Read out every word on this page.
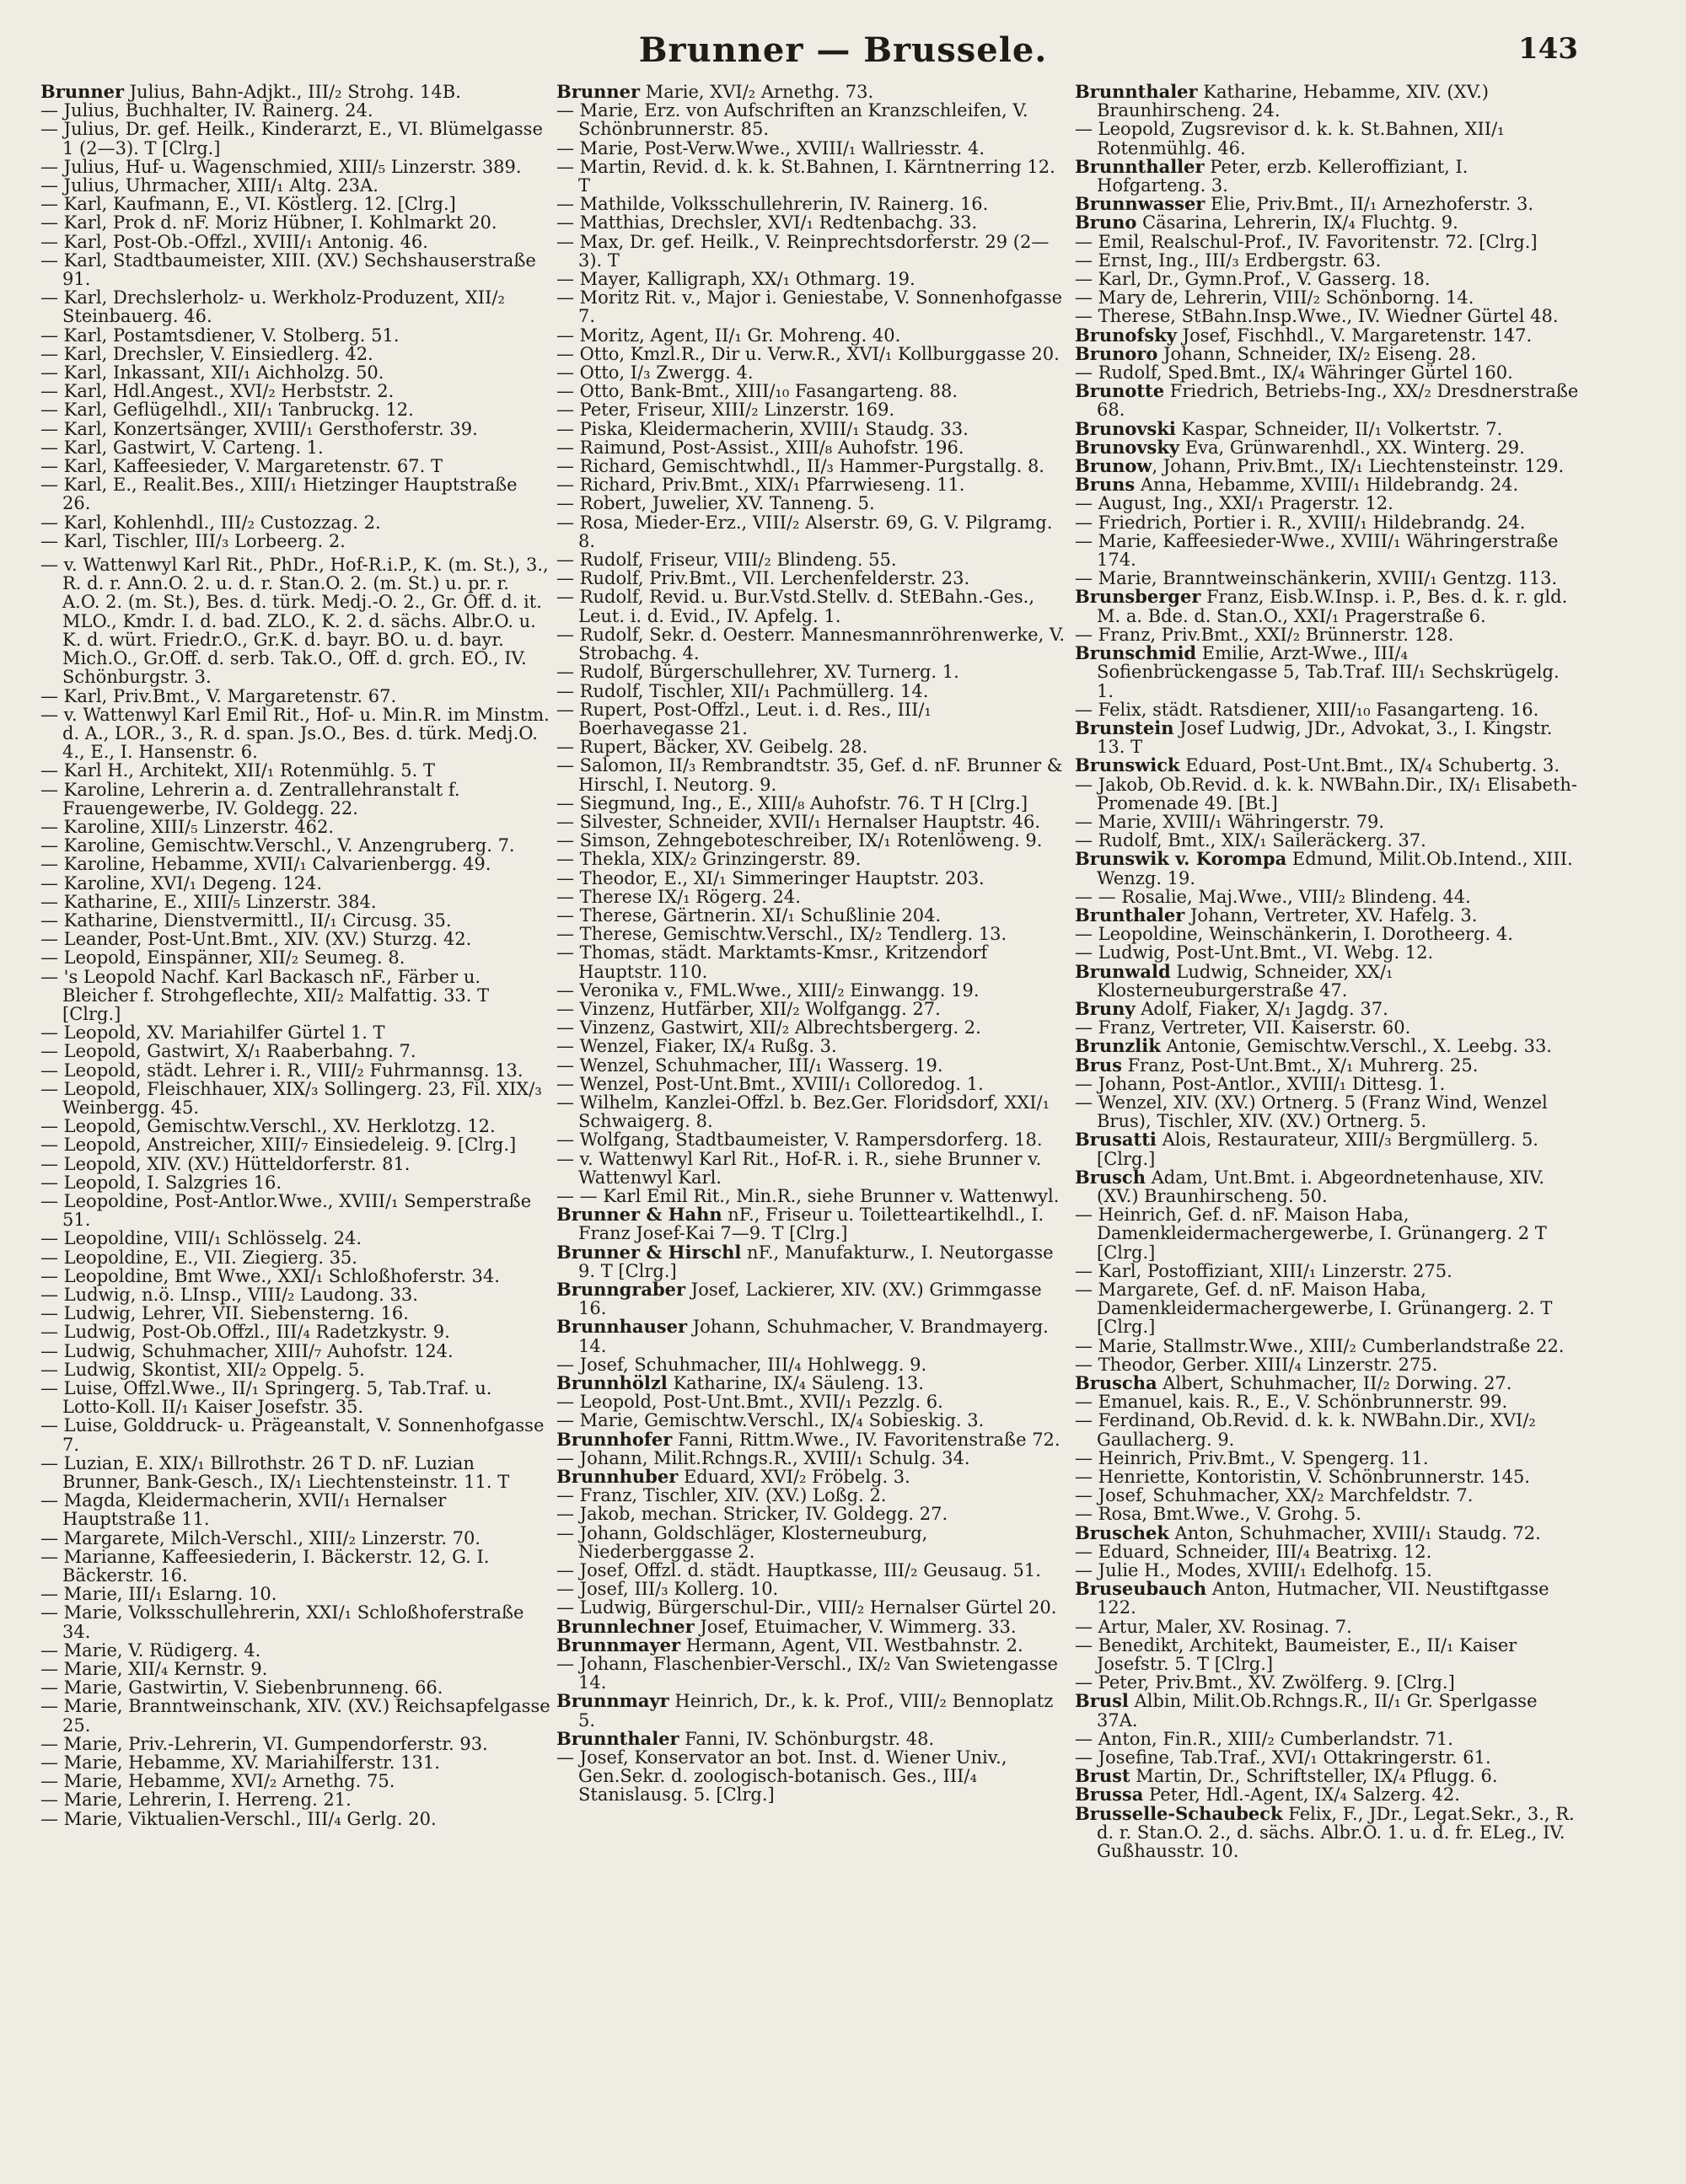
Brunner — Brussele.	143
Brunner Julius, Bahn-Adjkt., III/₂ Strohg. 14B.
— Julius, Buchhalter, IV. Rainerg. 24.
— Julius, Dr. gef. Heilk., Kinderarzt, E., VI. Blümelgasse 1 (2—3). T [Clrg.]
— Julius, Huf- u. Wagenschmied, XIII/₅ Linzerstr. 389.
— Julius, Uhrmacher, XIII/₁ Altg. 23A.
— Karl, Kaufmann, E., VI. Köstlerg. 12. [Clrg.]
— Karl, Prok d. nF. Moriz Hübner, I. Kohlmarkt 20.
— Karl, Post-Ob.-Offzl., XVIII/₁ Antonig. 46.
— Karl, Stadtbaumeister, XIII. (XV.) Sechshauserstraße 91.
— Karl, Drechslerholz- u. Werkholz-Produzent, XII/₂ Steinbauerg. 46.
— Karl, Postamtsdiener, V. Stolberg. 51.
— Karl, Drechsler, V. Einsiedlerg. 42.
— Karl, Inkassant, XII/₁ Aichholzg. 50.
— Karl, Hdl.Angest., XVI/₂ Herbststr. 2.
— Karl, Geflügelhdl., XII/₁ Tanbruckg. 12.
— Karl, Konzertsänger, XVIII/₁ Gersthoferstr. 39.
— Karl, Gastwirt, V. Carteng. 1.
— Karl, Kaffeesieder, V. Margaretenstr. 67. T
— Karl, E., Realit.Bes., XIII/₁ Hietzinger Hauptstraße 26.
— Karl, Kohlenhdl., III/₂ Custozzag. 2.
— Karl, Tischler, III/₃ Lorbeerg. 2.
— v. Wattenwyl Karl Rit., PhDr., Hof-R.i.P., K. (m. St.), 3., R. d. r. Ann.O. 2. u. d. r. Stan.O. 2. (m. St.) u. pr. r. A.O. 2. (m. St.), Bes. d. türk. Medj.-O. 2., Gr. Off. d. it. MLO., Kmdr. I. d. bad. ZLO., K. 2. d. sächs. Albr.O. u. K. d. würt. Friedr.O., Gr.K. d. bayr. BO. u. d. bayr. Mich.O., Gr.Off. d. serb. Tak.O., Off. d. grch. EO., IV. Schönburgstr. 3.
— Karl, Priv.Bmt., V. Margaretenstr. 67.
— v. Wattenwyl Karl Emil Rit., Hof- u. Min.R. im Minstm. d. A., LOR., 3., R. d. span. Js.O., Bes. d. türk. Medj.O. 4., E., I. Hansenstr. 6.
— Karl H., Architekt, XII/₁ Rotenmühlg. 5. T
— Karoline, Lehrerin a. d. Zentrallehranstalt f. Frauengewerbe, IV. Goldegg. 22.
— Karoline, XIII/₅ Linzerstr. 462.
— Karoline, Gemischtw.Verschl., V. Anzengruberg. 7.
— Karoline, Hebamme, XVII/₁ Calvarienbergg. 49.
— Karoline, XVI/₁ Degeng. 124.
— Katharine, E., XIII/₅ Linzerstr. 384.
— Katharine, Dienstvermittl., II/₁ Circusg. 35.
— Leander, Post-Unt.Bmt., XIV. (XV.) Sturzg. 42.
— Leopold, Einspänner, XII/₂ Seumeg. 8.
— 's Leopold Nachf. Karl Backasch nF., Färber u. Bleicher f. Strohgeflechte, XII/₂ Malfattig. 33. T [Clrg.]
— Leopold, XV. Mariahilfer Gürtel 1. T
— Leopold, Gastwirt, X/₁ Raaberbahng. 7.
— Leopold, städt. Lehrer i. R., VIII/₂ Fuhrmannsg. 13.
— Leopold, Fleischhauer, XIX/₃ Sollingerg. 23, Fil. XIX/₃ Weinbergg. 45.
— Leopold, Gemischtw.Verschl., XV. Herklotzg. 12.
— Leopold, Anstreicher, XIII/₇ Einsiedeleig. 9. [Clrg.]
— Leopold, XIV. (XV.) Hütteldorferstr. 81.
— Leopold, I. Salzgries 16.
— Leopoldine, Post-Antlor.Wwe., XVIII/₁ Semperstraße 51.
— Leopoldine, VIII/₁ Schlösselg. 24.
— Leopoldine, E., VII. Ziegierg. 35.
— Leopoldine, Bmt Wwe., XXI/₁ Schloßhoferstr. 34.
— Ludwig, n.ö. LInsp., VIII/₂ Laudong. 33.
— Ludwig, Lehrer, VII. Siebensterng. 16.
— Ludwig, Post-Ob.Offzl., III/₄ Radetzkystr. 9.
— Ludwig, Schuhmacher, XIII/₇ Auhofstr. 124.
— Ludwig, Skontist, XII/₂ Oppelg. 5.
— Luise, Offzl.Wwe., II/₁ Springerg. 5, Tab.Traf. u. Lotto-Koll. II/₁ Kaiser Josefstr. 35.
— Luise, Golddruck- u. Prägeanstalt, V. Sonnenhofgasse 7.
— Luzian, E. XIX/₁ Billrothstr. 26 T D. nF. Luzian Brunner, Bank-Gesch., IX/₁ Liechtensteinstr. 11. T
— Magda, Kleidermacherin, XVII/₁ Hernalser Hauptstraße 11.
— Margarete, Milch-Verschl., XIII/₂ Linzerstr. 70.
— Marianne, Kaffeesiederin, I. Bäckerstr. 12, G. I. Bäckerstr. 16.
— Marie, III/₁ Eslarng. 10.
— Marie, Volksschullehrerin, XXI/₁ Schloßhoferstraße 34.
— Marie, V. Rüdigerg. 4.
— Marie, XII/₄ Kernstr. 9.
— Marie, Gastwirtin, V. Siebenbrunneng. 66.
— Marie, Branntweinschank, XIV. (XV.) Reichsapfelgasse 25.
— Marie, Priv.-Lehrerin, VI. Gumpendorferstr. 93.
— Marie, Hebamme, XV. Mariahilferstr. 131.
— Marie, Hebamme, XVI/₂ Arnethg. 75.
— Marie, Lehrerin, I. Herreng. 21.
— Marie, Viktualien-Verschl., III/₄ Gerlg. 20.
Brunner Marie, XVI/₂ Arnethg. 73.
— Marie, Erz. von Aufschriften an Kranzschleifen, V. Schönbrunnerstr. 85.
— Marie, Post-Verw.Wwe., XVIII/₁ Wallriesstr. 4.
— Martin, Revid. d. k. k. St.Bahnen, I. Kärntnerring 12. T
— Mathilde, Volksschullehrerin, IV. Rainerg. 16.
— Matthias, Drechsler, XVI/₁ Redtenbachg. 33.
— Max, Dr. gef. Heilk., V. Reinprechtsdorferstr. 29 (2—3). T
— Mayer, Kalligraph, XX/₁ Othmarg. 19.
— Moritz Rit. v., Major i. Geniestabe, V. Sonnenhofgasse 7.
— Moritz, Agent, II/₁ Gr. Mohreng. 40.
— Otto, Kmzl.R., Dir u. Verw.R., XVI/₁ Kollburggasse 20.
— Otto, I/₃ Zwergg. 4.
— Otto, Bank-Bmt., XIII/₁₀ Fasangarteng. 88.
— Peter, Friseur, XIII/₂ Linzerstr. 169.
— Piska, Kleidermacherin, XVIII/₁ Staudg. 33.
— Raimund, Post-Assist., XIII/₈ Auhofstr. 196.
— Richard, Gemischtwhdl., II/₃ Hammer-Purgstallg. 8.
— Richard, Priv.Bmt., XIX/₁ Pfarrwieseng. 11.
— Robert, Juwelier, XV. Tanneng. 5.
— Rosa, Mieder-Erz., VIII/₂ Alserstr. 69, G. V. Pilgramg. 8.
— Rudolf, Friseur, VIII/₂ Blindeng. 55.
— Rudolf, Priv.Bmt., VII. Lerchenfelderstr. 23.
— Rudolf, Revid. u. Bur.Vstd.Stellv. d. StEBahn.-Ges., Leut. i. d. Evid., IV. Apfelg. 1.
— Rudolf, Sekr. d. Oesterr. Mannesmannröhrenwerke, V. Strobachg. 4.
— Rudolf, Bürgerschullehrer, XV. Turnerg. 1.
— Rudolf, Tischler, XII/₁ Pachmüllerg. 14.
— Rupert, Post-Offzl., Leut. i. d. Res., III/₁ Boerhavegasse 21.
— Rupert, Bäcker, XV. Geibelg. 28.
— Salomon, II/₃ Rembrandtstr. 35, Gef. d. nF. Brunner & Hirschl, I. Neutorg. 9.
— Siegmund, Ing., E., XIII/₈ Auhofstr. 76. T H [Clrg.]
— Silvester, Schneider, XVII/₁ Hernalser Hauptstr. 46.
— Simson, Zehngeboteschreiber, IX/₁ Rotenlöweng. 9.
— Thekla, XIX/₂ Grinzingerstr. 89.
— Theodor, E., XI/₁ Simmeringer Hauptstr. 203.
— Therese IX/₁ Rögerg. 24.
— Therese, Gärtnerin. XI/₁ Schußlinie 204.
— Therese, Gemischtw.Verschl., IX/₂ Tendlerg. 13.
— Thomas, städt. Marktamts-Kmsr., Kritzendorf Hauptstr. 110.
— Veronika v., FML.Wwe., XIII/₂ Einwangg. 19.
— Vinzenz, Hutfärber, XII/₂ Wolfgangg. 27.
— Vinzenz, Gastwirt, XII/₂ Albrechtsbergerg. 2.
— Wenzel, Fiaker, IX/₄ Rußg. 3.
— Wenzel, Schuhmacher, III/₁ Wasserg. 19.
— Wenzel, Post-Unt.Bmt., XVIII/₁ Colloredog. 1.
— Wilhelm, Kanzlei-Offzl. b. Bez.Ger. Floridsdorf, XXI/₁ Schwaigerg. 8.
— Wolfgang, Stadtbaumeister, V. Rampersdorferg. 18.
— v. Wattenwyl Karl Rit., Hof-R. i. R., siehe Brunner v. Wattenwyl Karl.
— — Karl Emil Rit., Min.R., siehe Brunner v. Wattenwyl.
Brunner & Hahn nF., Friseur u. Toiletteartikelhdl., I. Franz Josef-Kai 7—9. T [Clrg.]
Brunner & Hirschl nF., Manufakturw., I. Neutorgasse 9. T [Clrg.]
Brunngraber Josef, Lackierer, XIV. (XV.) Grimmgasse 16.
Brunnhauser Johann, Schuhmacher, V. Brandmayerg. 14.
— Josef, Schuhmacher, III/₄ Hohlwegg. 9.
Brunnhölzl Katharine, IX/₄ Säuleng. 13.
— Leopold, Post-Unt.Bmt., XVII/₁ Pezzlg. 6.
— Marie, Gemischtw.Verschl., IX/₄ Sobieskig. 3.
Brunnhofer Fanni, Rittm.Wwe., IV. Favoritenstraße 72.
— Johann, Milit.Rchngs.R., XVIII/₁ Schulg. 34.
Brunnhuber Eduard, XVI/₂ Fröbelg. 3.
— Franz, Tischler, XIV. (XV.) Loßg. 2.
— Jakob, mechan. Stricker, IV. Goldegg. 27.
— Johann, Goldschläger, Klosterneuburg, Niederberggasse 2.
— Josef, Offzl. d. städt. Hauptkasse, III/₂ Geusaug. 51.
— Josef, III/₃ Kollerg. 10.
— Ludwig, Bürgerschul-Dir., VIII/₂ Hernalser Gürtel 20.
Brunnlechner Josef, Etuimacher, V. Wimmerg. 33.
Brunnmayer Hermann, Agent, VII. Westbahnstr. 2.
— Johann, Flaschenbier-Verschl., IX/₂ Van Swietengasse 14.
Brunnmayr Heinrich, Dr., k. k. Prof., VIII/₂ Bennoplatz 5.
Brunnthaler Fanni, IV. Schönburgstr. 48.
— Josef, Konservator an bot. Inst. d. Wiener Univ., Gen.Sekr. d. zoologisch-botanisch. Ges., III/₄ Stanislausg. 5. [Clrg.]
Brunnthaler Katharine, Hebamme, XIV. (XV.) Braunhirscheng. 24.
— Leopold, Zugsrevisor d. k. k. St.Bahnen, XII/₁ Rotenmühlg. 46.
Brunnthaller Peter, erzb. Kelleroffiziant, I. Hofgarteng. 3.
Brunnwasser Elie, Priv.Bmt., II/₁ Arnezhoferstr. 3.
Bruno Cäsarina, Lehrerin, IX/₄ Fluchtg. 9.
— Emil, Realschul-Prof., IV. Favoritenstr. 72. [Clrg.]
— Ernst, Ing., III/₃ Erdbergstr. 63.
— Karl, Dr., Gymn.Prof., V. Gasserg. 18.
— Mary de, Lehrerin, VIII/₂ Schönborng. 14.
— Therese, StBahn.Insp.Wwe., IV. Wiedner Gürtel 48.
Brunofsky Josef, Fischhdl., V. Margaretenstr. 147.
Brunoro Johann, Schneider, IX/₂ Eiseng. 28.
— Rudolf, Sped.Bmt., IX/₄ Währinger Gürtel 160.
Brunotte Friedrich, Betriebs-Ing., XX/₂ Dresdnerstraße 68.
Brunovski Kaspar, Schneider, II/₁ Volkertstr. 7.
Brunovsky Eva, Grünwarenhdl., XX. Winterg. 29.
Brunow, Johann, Priv.Bmt., IX/₁ Liechtensteinstr. 129.
Bruns Anna, Hebamme, XVIII/₁ Hildebrandg. 24.
— August, Ing., XXI/₁ Pragerstr. 12.
— Friedrich, Portier i. R., XVIII/₁ Hildebrandg. 24.
— Marie, Kaffeesieder-Wwe., XVIII/₁ Währingerstraße 174.
— Marie, Branntweinschänkerin, XVIII/₁ Gentzg. 113.
Brunsberger Franz, Eisb.W.Insp. i. P., Bes. d. k. r. gld. M. a. Bde. d. Stan.O., XXI/₁ Pragerstraße 6.
— Franz, Priv.Bmt., XXI/₂ Brünnerstr. 128.
Brunschmid Emilie, Arzt-Wwe., III/₄ Sofienbrückengasse 5, Tab.Traf. III/₁ Sechskrügelg. 1.
— Felix, städt. Ratsdiener, XIII/₁₀ Fasangarteng. 16.
Brunstein Josef Ludwig, JDr., Advokat, 3., I. Kingstr. 13. T
Brunswick Eduard, Post-Unt.Bmt., IX/₄ Schubertg. 3.
— Jakob, Ob.Revid. d. k. k. NWBahn.Dir., IX/₁ Elisabeth-Promenade 49. [Bt.]
— Marie, XVIII/₁ Währingerstr. 79.
— Rudolf, Bmt., XIX/₁ Saileräckerg. 37.
Brunswik v. Korompa Edmund, Milit.Ob.Intend., XIII. Wenzg. 19.
— — Rosalie, Maj.Wwe., VIII/₂ Blindeng. 44.
Brunthaler Johann, Vertreter, XV. Hafelg. 3.
— Leopoldine, Weinschänkerin, I. Dorotheerg. 4.
— Ludwig, Post-Unt.Bmt., VI. Webg. 12.
Brunwald Ludwig, Schneider, XX/₁ Klosterneuburgerstraße 47.
Bruny Adolf, Fiaker, X/₁ Jagdg. 37.
— Franz, Vertreter, VII. Kaiserstr. 60.
Brunzlik Antonie, Gemischtw.Verschl., X. Leebg. 33.
Brus Franz, Post-Unt.Bmt., X/₁ Muhrerg. 25.
— Johann, Post-Antlor., XVIII/₁ Dittesg. 1.
— Wenzel, XIV. (XV.) Ortnerg. 5 (Franz Wind, Wenzel Brus), Tischler, XIV. (XV.) Ortnerg. 5.
Brusatti Alois, Restaurateur, XIII/₃ Bergmüllerg. 5. [Clrg.]
Brusch Adam, Unt.Bmt. i. Abgeordnetenhause, XIV. (XV.) Braunhirscheng. 50.
— Heinrich, Gef. d. nF. Maison Haba, Damenkleidermachergewerbe, I. Grünangerg. 2 T [Clrg.]
— Karl, Postoffiziant, XIII/₁ Linzerstr. 275.
— Margarete, Gef. d. nF. Maison Haba, Damenkleidermachergewerbe, I. Grünangerg. 2. T [Clrg.]
— Marie, Stallmstr.Wwe., XIII/₂ Cumberlandstraße 22.
— Theodor, Gerber. XIII/₄ Linzerstr. 275.
Bruscha Albert, Schuhmacher, II/₂ Dorwing. 27.
— Emanuel, kais. R., E., V. Schönbrunnerstr. 99.
— Ferdinand, Ob.Revid. d. k. k. NWBahn.Dir., XVI/₂ Gaullacherg. 9.
— Heinrich, Priv.Bmt., V. Spengerg. 11.
— Henriette, Kontoristin, V. Schönbrunnerstr. 145.
— Josef, Schuhmacher, XX/₂ Marchfeldstr. 7.
— Rosa, Bmt.Wwe., V. Grohg. 5.
Bruschek Anton, Schuhmacher, XVIII/₁ Staudg. 72.
— Eduard, Schneider, III/₄ Beatrixg. 12.
— Julie H., Modes, XVIII/₁ Edelhofg. 15.
Bruseubauch Anton, Hutmacher, VII. Neustiftgasse 122.
— Artur, Maler, XV. Rosinag. 7.
— Benedikt, Architekt, Baumeister, E., II/₁ Kaiser Josefstr. 5. T [Clrg.]
— Peter, Priv.Bmt., XV. Zwölferg. 9. [Clrg.]
Brusl Albin, Milit.Ob.Rchngs.R., II/₁ Gr. Sperlgasse 37A.
— Anton, Fin.R., XIII/₂ Cumberlandstr. 71.
— Josefine, Tab.Traf., XVI/₁ Ottakringerstr. 61.
Brust Martin, Dr., Schriftsteller, IX/₄ Pflugg. 6.
Brussa Peter, Hdl.-Agent, IX/₄ Salzerg. 42.
Brusselle-Schaubeck Felix, F., JDr., Legat.Sekr., 3., R. d. r. Stan.O. 2., d. sächs. Albr.O. 1. u. d. fr. ELeg., IV. Gußhausstr. 10.
